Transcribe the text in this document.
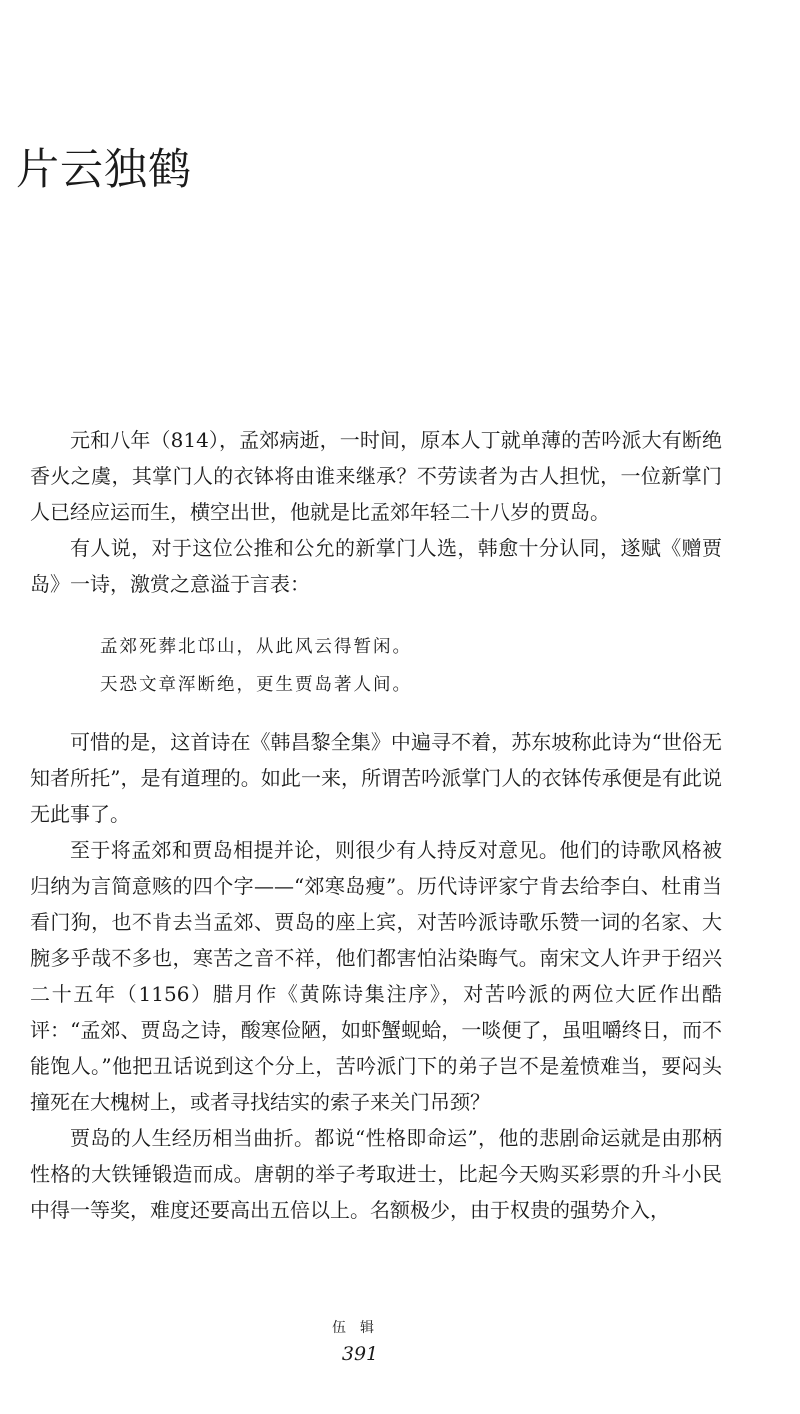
片云独鹤

元和八年（814），孟郊病逝，一时间，原本人丁就单薄的苦吟派大有断绝香火之虞，其掌门人的衣钵将由谁来继承？不劳读者为古人担忧，一位新掌门人已经应运而生，横空出世，他就是比孟郊年轻二十八岁的贾岛。

有人说，对于这位公推和公允的新掌门人选，韩愈十分认同，遂赋《赠贾岛》一诗，激赏之意溢于言表：

孟郊死葬北邙山，从此风云得暂闲。

天恐文章浑断绝，更生贾岛著人间。

可惜的是，这首诗在《韩昌黎全集》中遍寻不着，苏东坡称此诗为“世俗无知者所托”，是有道理的。如此一来，所谓苦吟派掌门人的衣钵传承便是有此说无此事了。

至于将孟郊和贾岛相提并论，则很少有人持反对意见。他们的诗歌风格被归纳为言简意赅的四个字——“郊寒岛瘦”。历代诗评家宁肯去给李白、杜甫当看门狗，也不肯去当孟郊、贾岛的座上宾，对苦吟派诗歌乐赞一词的名家、大腕多乎哉不多也，寒苦之音不祥，他们都害怕沾染晦气。南宋文人许尹于绍兴二十五年（1156）腊月作《黄陈诗集注序》，对苦吟派的两位大匠作出酷评：“孟郊、贾岛之诗，酸寒俭陋，如虾蟹蚬蛤，一啖便了，虽咀嚼终日，而不能饱人。”他把丑话说到这个分上，苦吟派门下的弟子岂不是羞愤难当，要闷头撞死在大槐树上，或者寻找结实的索子来关门吊颈？

贾岛的人生经历相当曲折。都说“性格即命运”，他的悲剧命运就是由那柄性格的大铁锤锻造而成。唐朝的举子考取进士，比起今天购买彩票的升斗小民中得一等奖，难度还要高出五倍以上。名额极少，由于权贵的强势介入，

伍辑

391
